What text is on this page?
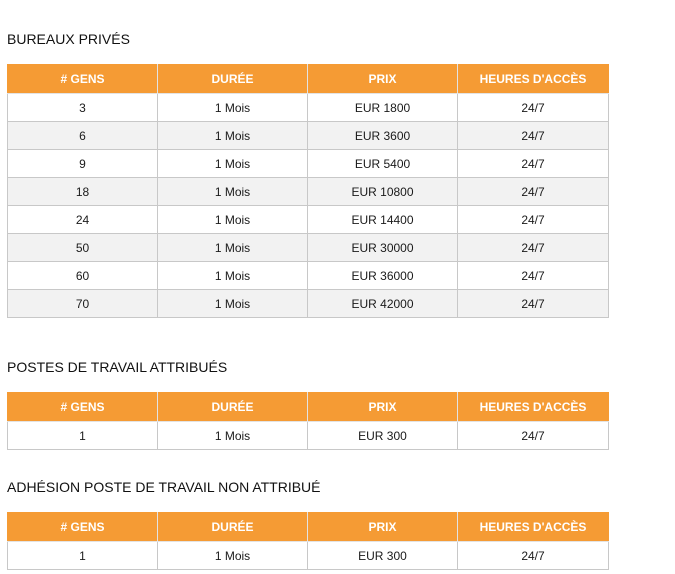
BUREAUX PRIVÉS
# GENS	DURÉE	PRIX	HEURES D'ACCÈS
3	1 Mois	EUR 1800	24/7
6	1 Mois	EUR 3600	24/7
9	1 Mois	EUR 5400	24/7
18	1 Mois	EUR 10800	24/7
24	1 Mois	EUR 14400	24/7
50	1 Mois	EUR 30000	24/7
60	1 Mois	EUR 36000	24/7
70	1 Mois	EUR 42000	24/7
POSTES DE TRAVAIL ATTRIBUÉS
# GENS	DURÉE	PRIX	HEURES D'ACCÈS
1	1 Mois	EUR 300	24/7
ADHÉSION POSTE DE TRAVAIL NON ATTRIBUÉ
# GENS	DURÉE	PRIX	HEURES D'ACCÈS
1	1 Mois	EUR 300	24/7
